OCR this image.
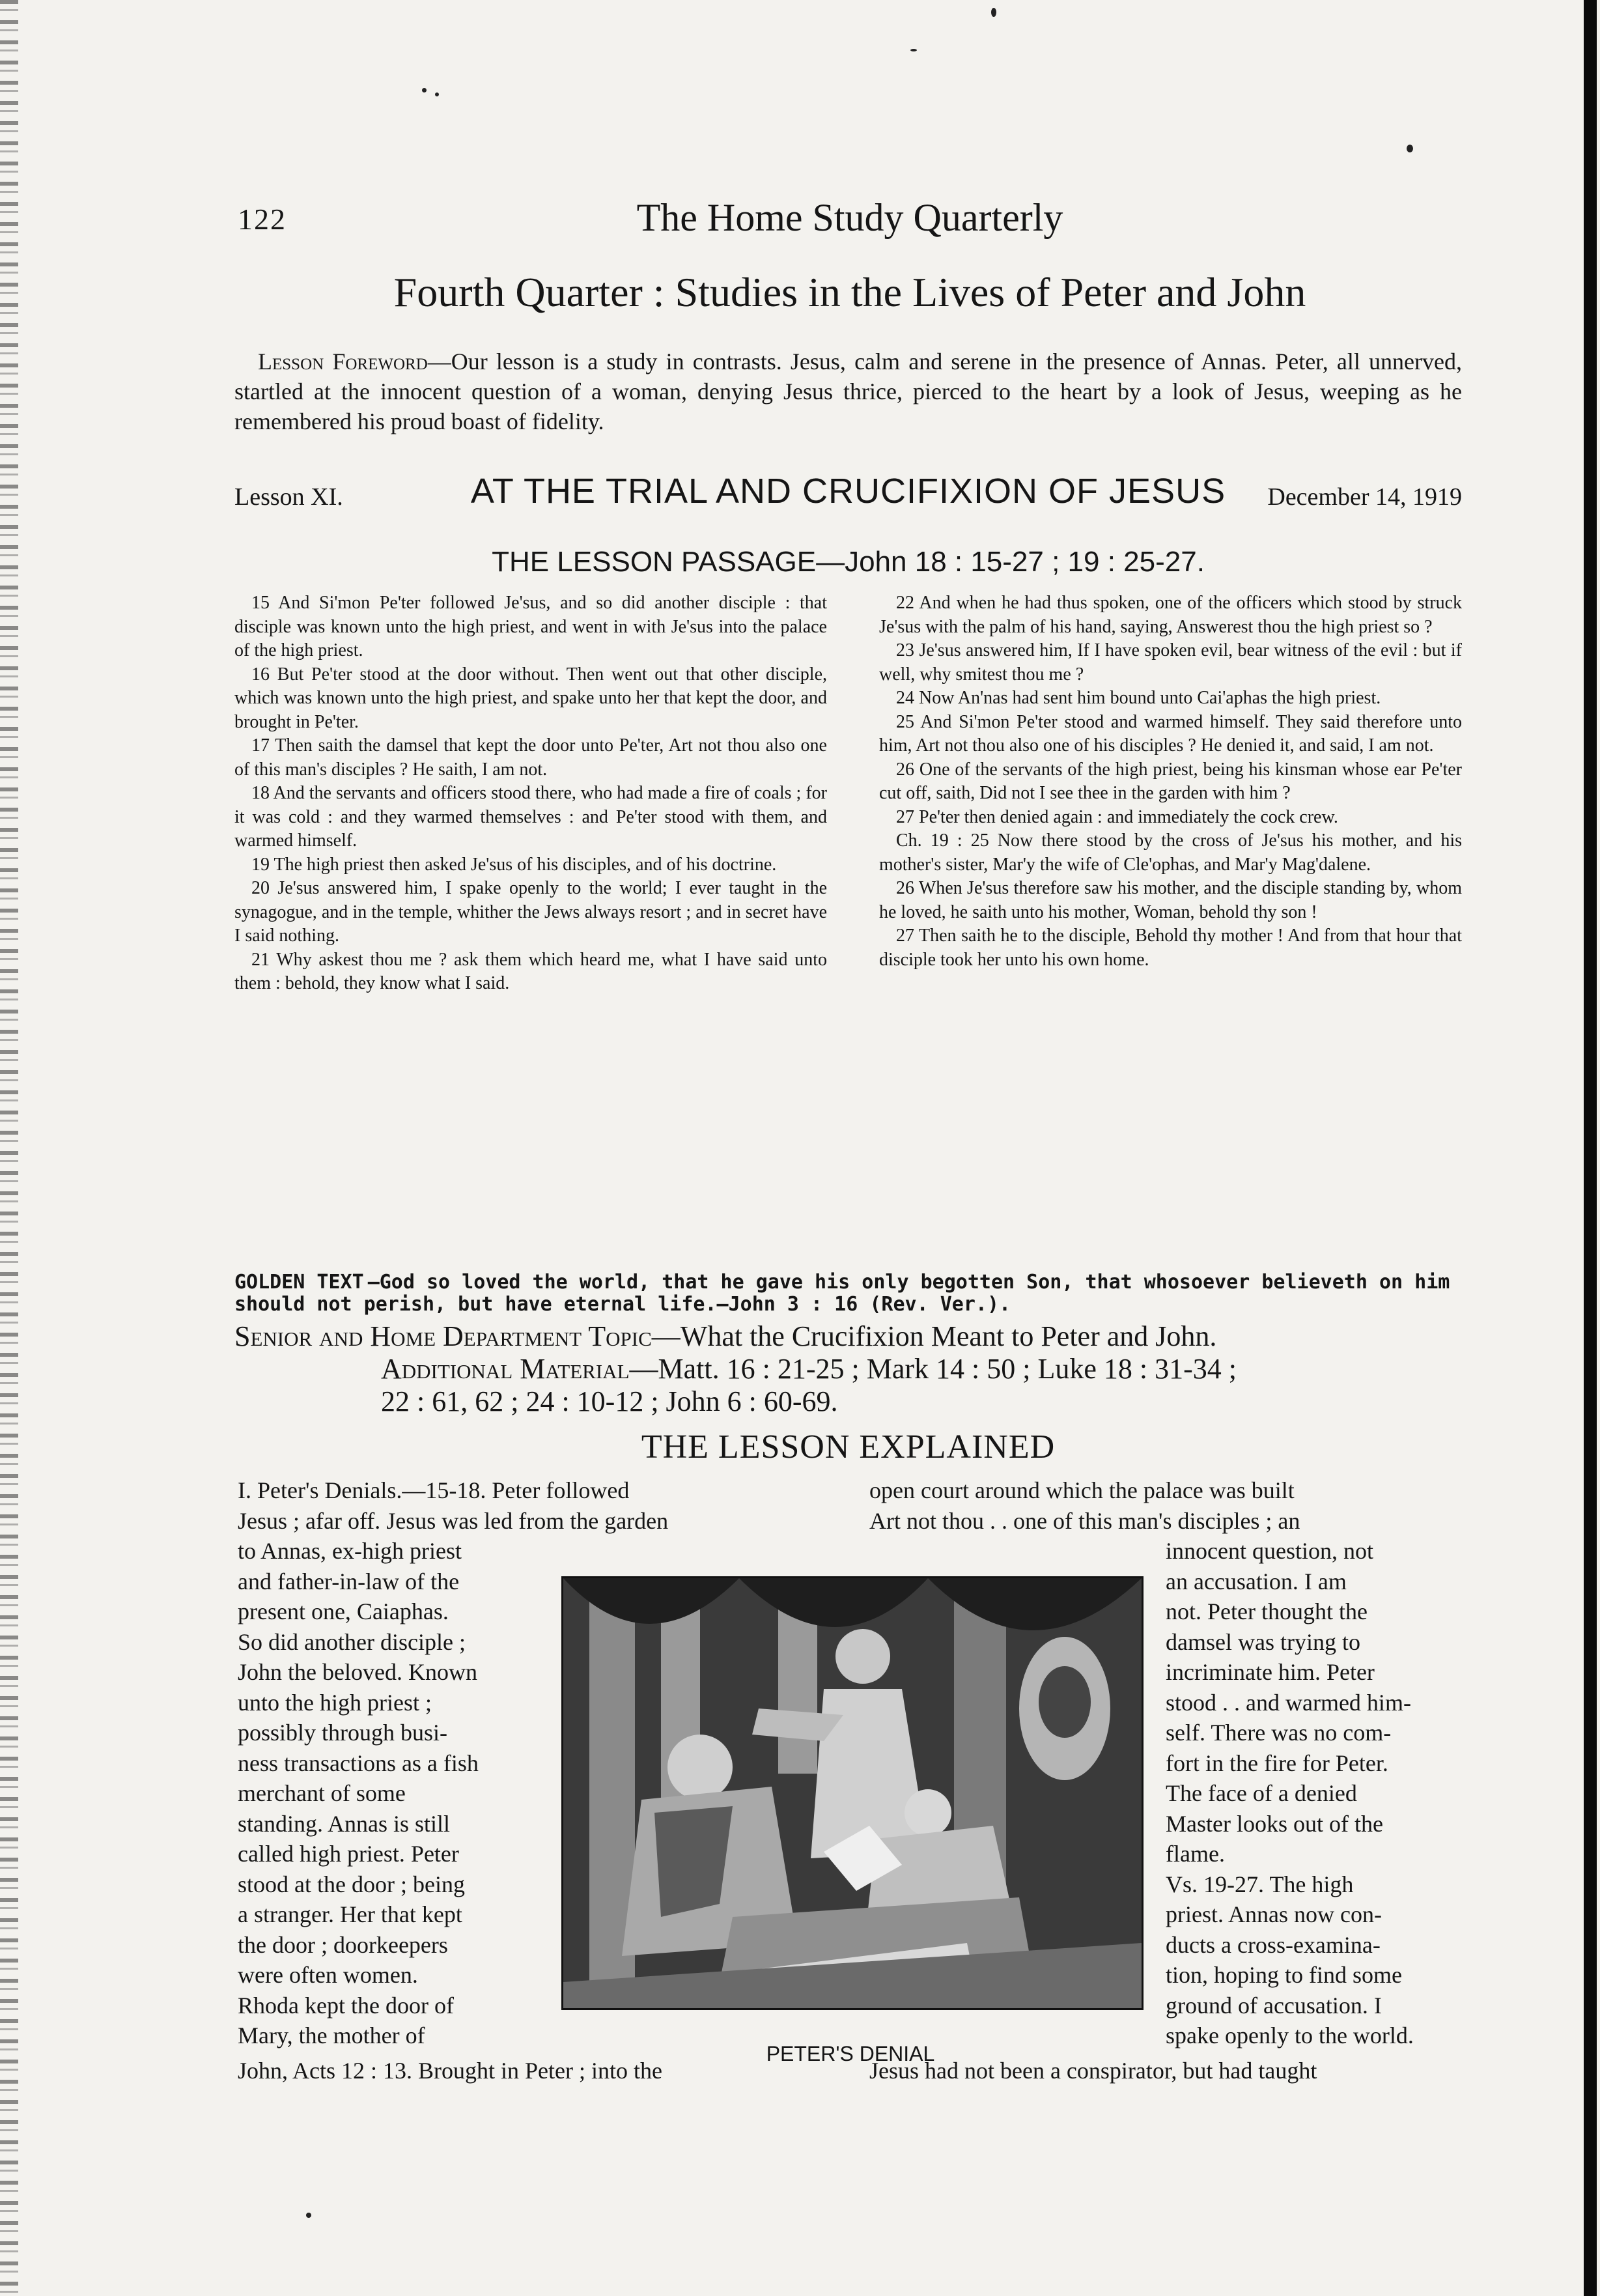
122	The Home Study Quarterly
Fourth Quarter : Studies in the Lives of Peter and John
Lesson Foreword—Our lesson is a study in contrasts. Jesus, calm and serene in the presence of Annas. Peter, all unnerved, startled at the innocent question of a woman, denying Jesus thrice, pierced to the heart by a look of Jesus, weeping as he remembered his proud boast of fidelity.
Lesson XI.	AT THE TRIAL AND CRUCIFIXION OF JESUS December 14, 1919
THE LESSON PASSAGE—John 18 : 15-27 ; 19 : 25-27.

15 And Si'mon Pe'ter followed Je'sus, and so did another disciple : that disciple was known unto the high priest, and went in with Je'sus into the palace of the high priest.

16 But Pe'ter stood at the door without. Then went out that other disciple, which was known unto the high priest, and spake unto her that kept the door, and brought in Pe'ter.

17 Then saith the damsel that kept the door unto Pe'ter, Art not thou also one of this man's disciples ? He saith, I am not.

18 And the servants and officers stood there, who had made a fire of coals ; for it was cold : and they warmed themselves : and Pe'ter stood with them, and warmed himself.

19 The high priest then asked Je'sus of his disciples, and of his doctrine.

20 Je'sus answered him, I spake openly to the world; I ever taught in the synagogue, and in the temple, whither the Jews always resort ; and in secret have I said nothing.

21 Why askest thou me ? ask them which heard me, what I have said unto them : behold, they know what I said.

22 And when he had thus spoken, one of the officers which stood by struck Je'sus with the palm of his hand, saying, Answerest thou the high priest so ?

23 Je'sus answered him, If I have spoken evil, bear witness of the evil : but if well, why smitest thou me ?

24 Now An'nas had sent him bound unto Cai'aphas the high priest.

25 And Si'mon Pe'ter stood and warmed himself. They said therefore unto him, Art not thou also one of his disciples ? He denied it, and said, I am not.

26 One of the servants of the high priest, being his kinsman whose ear Pe'ter cut off, saith, Did not I see thee in the garden with him ?

27 Pe'ter then denied again : and immediately the cock crew.

Ch. 19 : 25 Now there stood by the cross of Je'sus his mother, and his mother's sister, Mar'y the wife of Cle'ophas, and Mar'y Mag'dalene.

26 When Je'sus therefore saw his mother, and the disciple standing by, whom he loved, he saith unto his mother, Woman, behold thy son !

27 Then saith he to the disciple, Behold thy mother ! And from that hour that disciple took her unto his own home.

GOLDEN TEXT —God so loved the world, that he gave his only begotten Son, that whosoever believeth on him should not perish, but have eternal life.—John 3 : 16 (Rev. Ver.).
Senior and Home Department Topic—What the Crucifixion Meant to Peter and John.
Additional Material—Matt. 16 : 21-25 ; Mark 14 : 50 ; Luke 18 : 31-34 ;
22 : 61, 62 ; 24 : 10-12 ; John 6 : 60-69.
THE LESSON EXPLAINED
I. Peter's Denials.—15-18. Peter followed
Jesus ; afar off. Jesus was led from the garden
open court around which the palace was built
Art not thou . . one of this man's disciples ; an
to Annas, ex-high priest
and father-in-law of the
present one, Caiaphas.
So did another disciple ;
John the beloved. Known
unto the high priest ;
possibly through busi-
ness transactions as a fish
merchant of some
standing. Annas is still
called high priest. Peter
stood at the door ; being
a stranger. Her that kept
the door ; doorkeepers
were often women.
Rhoda kept the door of
Mary, the mother of
PETER'S DENIAL
innocent question, not
an accusation. I am
not. Peter thought the
damsel was trying to
incriminate him. Peter
stood . . and warmed him-
self. There was no com-
fort in the fire for Peter.
The face of a denied
Master looks out of the
flame.
Vs. 19-27. The high
priest. Annas now con-
ducts a cross-examina-
tion, hoping to find some
ground of accusation. I
spake openly to the world.
John, Acts 12 : 13. Brought in Peter ; into the	Jesus had not been a conspirator, but had taught
